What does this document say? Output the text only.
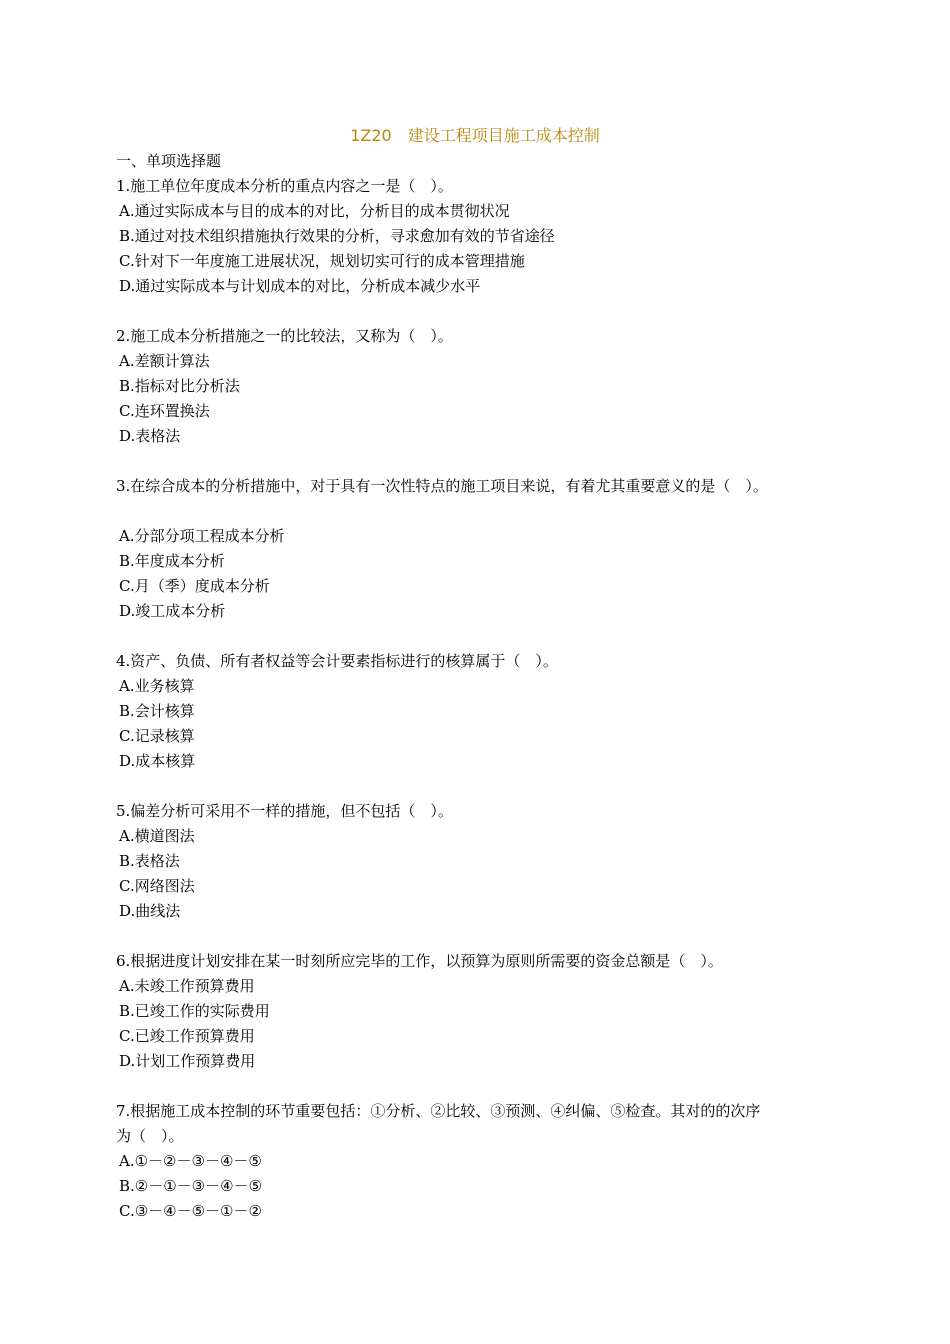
1Z20　建设工程项目施工成本控制

一、单项选择题

1.施工单位年度成本分析的重点内容之一是（　）。

A.通过实际成本与目的成本的对比，分析目的成本贯彻状况

B.通过对技术组织措施执行效果的分析，寻求愈加有效的节省途径

C.针对下一年度施工进展状况，规划切实可行的成本管理措施

D.通过实际成本与计划成本的对比，分析成本减少水平

2.施工成本分析措施之一的比较法，又称为（　）。

A.差额计算法

B.指标对比分析法

C.连环置换法

D.表格法

3.在综合成本的分析措施中，对于具有一次性特点的施工项目来说，有着尤其重要意义的是（　）。

A.分部分项工程成本分析

B.年度成本分析

C.月（季）度成本分析

D.竣工成本分析

4.资产、负债、所有者权益等会计要素指标进行的核算属于（　）。

A.业务核算

B.会计核算

C.记录核算

D.成本核算

5.偏差分析可采用不一样的措施，但不包括（　）。

A.横道图法

B.表格法

C.网络图法

D.曲线法

6.根据进度计划安排在某一时刻所应完毕的工作，以预算为原则所需要的资金总额是（　）。

A.未竣工作预算费用

B.已竣工作的实际费用

C.已竣工作预算费用

D.计划工作预算费用

7.根据施工成本控制的环节重要包括：①分析、②比较、③预测、④纠偏、⑤检查。其对的的次序

为（　）。

A.①－②－③－④－⑤

B.②－①－③－④－⑤

C.③－④－⑤－①－②
